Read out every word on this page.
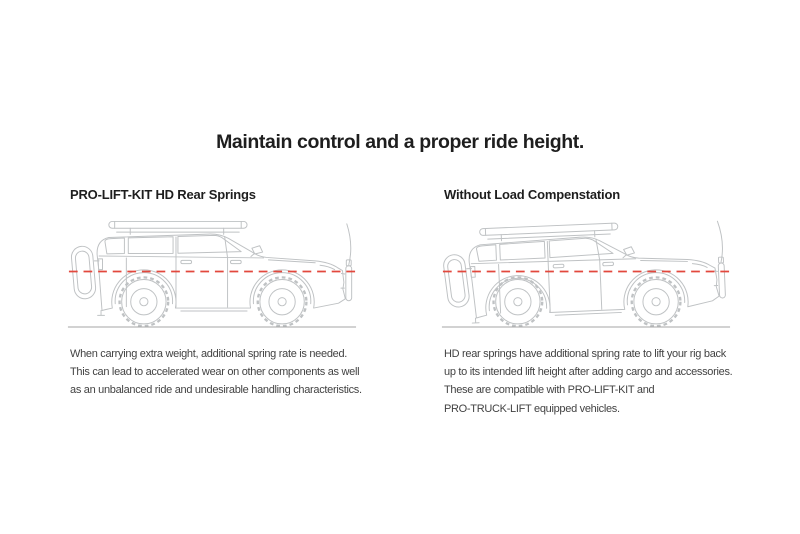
Maintain control and a proper ride height.
PRO-LIFT-KIT HD Rear Springs
When carrying extra weight, additional spring rate is needed.
This can lead to accelerated wear on other components as well
as an unbalanced ride and undesirable handling characteristics.
Without Load Compenstation
HD rear springs have additional spring rate to lift your rig back
up to its intended lift height after adding cargo and accessories.
These are compatible with PRO-LIFT-KIT and
PRO-TRUCK-LIFT equipped vehicles.
